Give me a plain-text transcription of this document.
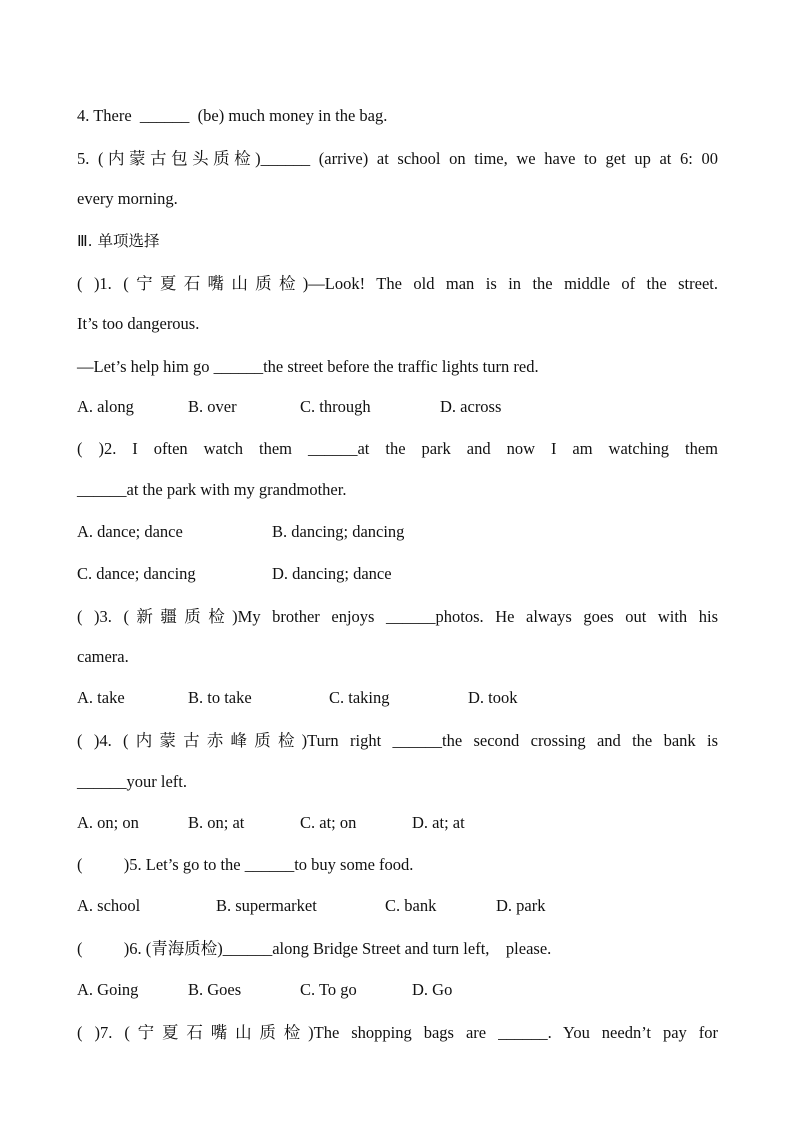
4. There  ______  (be) much money in the bag.
5. (内蒙古包头质检)______ (arrive) at school on time, we have to get up at 6: 00
every morning.
Ⅲ. 单项选择
( )1. (宁夏石嘴山质检)—Look! The old man is in the middle of the street.
It’s too dangerous.
—Let’s help him go ______the street before the traffic lights turn red.
A. along	B. over	C. through	D. across
( )2. I often watch them ______at the park and now I am watching them
______at the park with my grandmother.
A. dance; dance	B. dancing; dancing
C. dance; dancing	D. dancing; dance
( )3. (新疆质检)My brother enjoys ______photos. He always goes out with his
camera.
A. take	B. to take	C. taking	D. took
( )4. (内蒙古赤峰质检)Turn right ______the second crossing and the bank is
______your left.
A. on; on	B. on; at	C. at; on	D. at; at
(          )5. Let’s go to the ______to buy some food.
A. school	B. supermarket	C. bank	D. park
(          )6. (青海质检)______along Bridge Street and turn left,    please.
A. Going	B. Goes	C. To go	D. Go
( )7. (宁夏石嘴山质检)The shopping bags are ______. You needn’t pay for
